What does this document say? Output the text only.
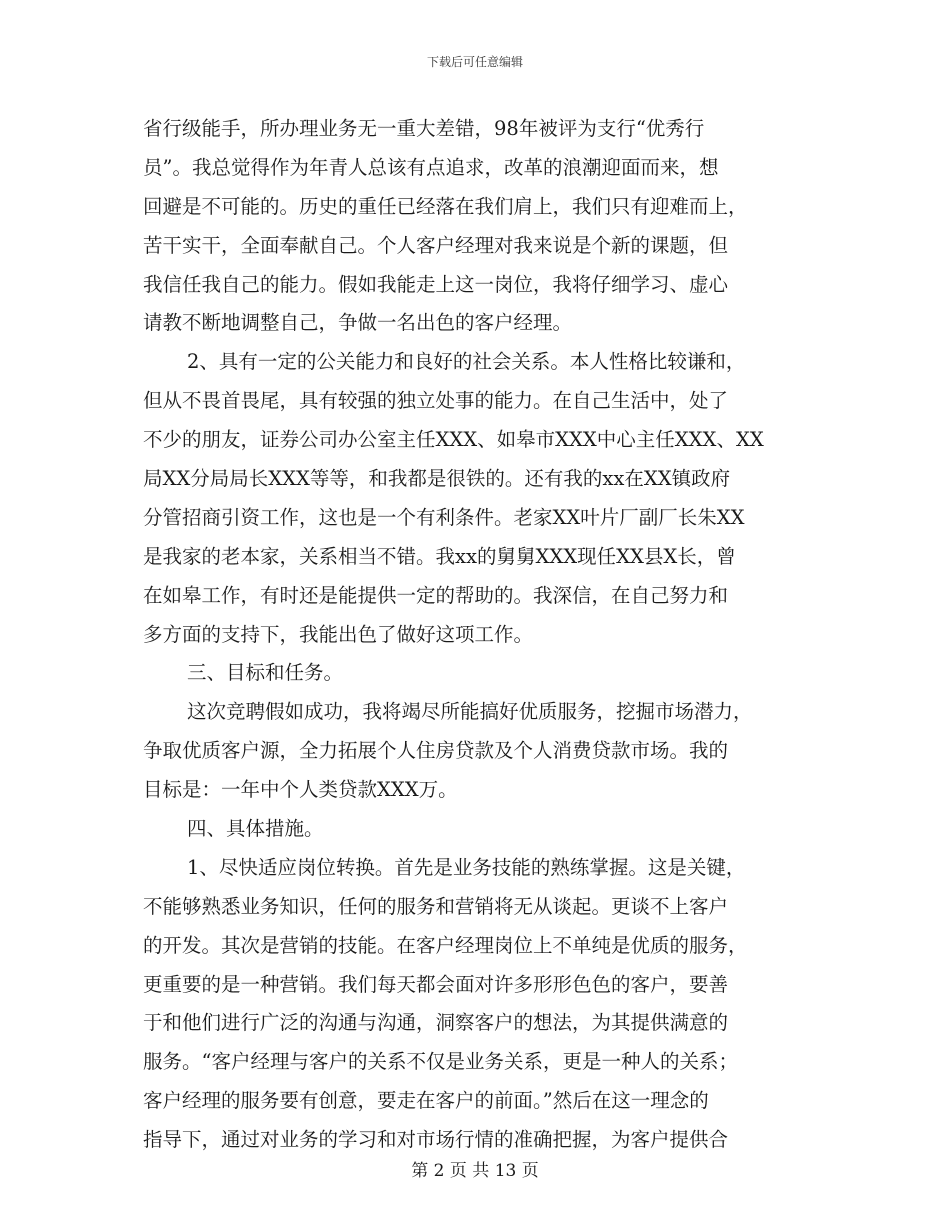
下载后可任意编辑
省行级能手，所办理业务无一重大差错，98年被评为支行“优秀行
员”。我总觉得作为年青人总该有点追求，改革的浪潮迎面而来，想
回避是不可能的。历史的重任已经落在我们肩上，我们只有迎难而上，
苦干实干，全面奉献自己。个人客户经理对我来说是个新的课题，但
我信任我自己的能力。假如我能走上这一岗位，我将仔细学习、虚心
请教不断地调整自己，争做一名出色的客户经理。
2、具有一定的公关能力和良好的社会关系。本人性格比较谦和，
但从不畏首畏尾，具有较强的独立处事的能力。在自己生活中，处了
不少的朋友，证券公司办公室主任XXX、如皋市XXX中心主任XXX、XX
局XX分局局长XXX等等，和我都是很铁的。还有我的xx在XX镇政府
分管招商引资工作，这也是一个有利条件。老家XX叶片厂副厂长朱XX
是我家的老本家，关系相当不错。我xx的舅舅XXX现任XX县X长，曾
在如皋工作，有时还是能提供一定的帮助的。我深信，在自己努力和
多方面的支持下，我能出色了做好这项工作。
三、目标和任务。
这次竞聘假如成功，我将竭尽所能搞好优质服务，挖掘市场潜力，
争取优质客户源，全力拓展个人住房贷款及个人消费贷款市场。我的
目标是：一年中个人类贷款XXX万。
四、具体措施。
1、尽快适应岗位转换。首先是业务技能的熟练掌握。这是关键，
不能够熟悉业务知识，任何的服务和营销将无从谈起。更谈不上客户
的开发。其次是营销的技能。在客户经理岗位上不单纯是优质的服务，
更重要的是一种营销。我们每天都会面对许多形形色色的客户，要善
于和他们进行广泛的沟通与沟通，洞察客户的想法，为其提供满意的
服务。“客户经理与客户的关系不仅是业务关系，更是一种人的关系；
客户经理的服务要有创意，要走在客户的前面。”然后在这一理念的
指导下，通过对业务的学习和对市场行情的准确把握，为客户提供合
第 2 页 共 13 页
